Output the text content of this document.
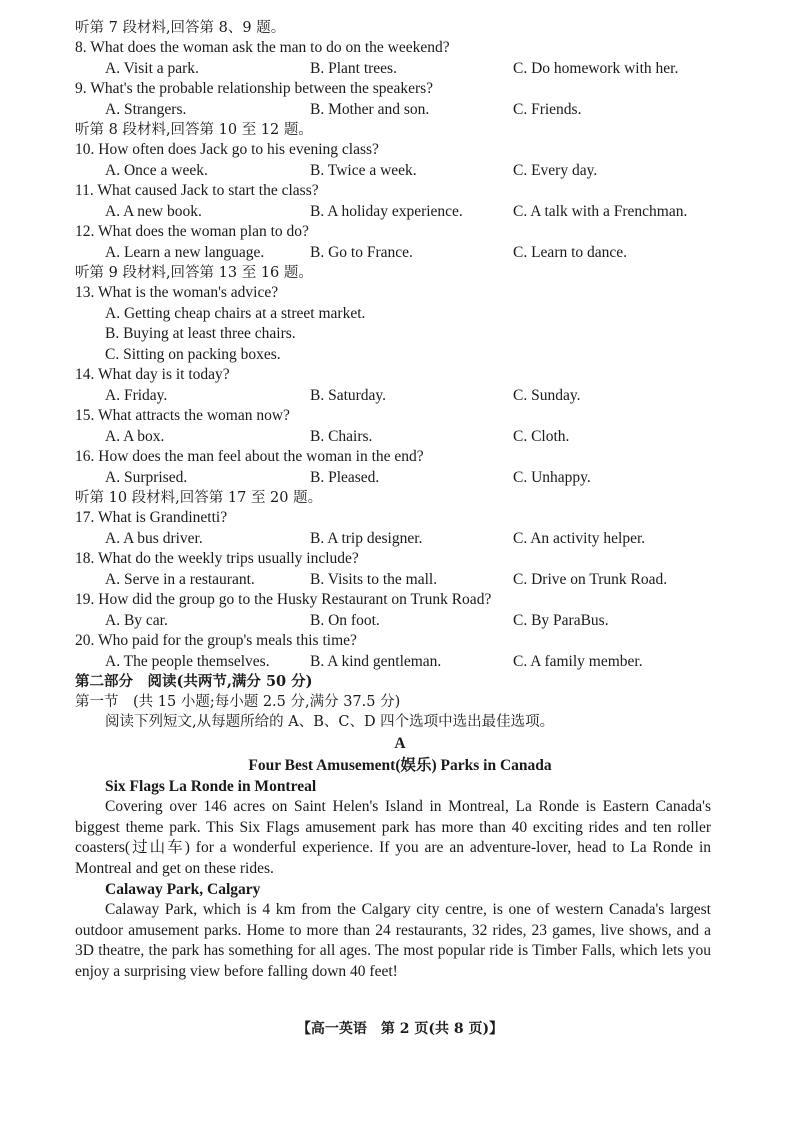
听第 7 段材料,回答第 8、9 题。
8. What does the woman ask the man to do on the weekend?
A. Visit a park.	B. Plant trees.	C. Do homework with her.
9. What's the probable relationship between the speakers?
A. Strangers.	B. Mother and son.	C. Friends.
听第 8 段材料,回答第 10 至 12 题。
10. How often does Jack go to his evening class?
A. Once a week.	B. Twice a week.	C. Every day.
11. What caused Jack to start the class?
A. A new book.	B. A holiday experience.	C. A talk with a Frenchman.
12. What does the woman plan to do?
A. Learn a new language.	B. Go to France.	C. Learn to dance.
听第 9 段材料,回答第 13 至 16 题。
13. What is the woman's advice?
A. Getting cheap chairs at a street market.
B. Buying at least three chairs.
C. Sitting on packing boxes.
14. What day is it today?
A. Friday.	B. Saturday.	C. Sunday.
15. What attracts the woman now?
A. A box.	B. Chairs.	C. Cloth.
16. How does the man feel about the woman in the end?
A. Surprised.	B. Pleased.	C. Unhappy.
听第 10 段材料,回答第 17 至 20 题。
17. What is Grandinetti?
A. A bus driver.	B. A trip designer.	C. An activity helper.
18. What do the weekly trips usually include?
A. Serve in a restaurant.	B. Visits to the mall.	C. Drive on Trunk Road.
19. How did the group go to the Husky Restaurant on Trunk Road?
A. By car.	B. On foot.	C. By ParaBus.
20. Who paid for the group's meals this time?
A. The people themselves.	B. A kind gentleman.	C. A family member.
第二部分　阅读(共两节,满分 50 分)
第一节　(共 15 小题;每小题 2.5 分,满分 37.5 分)
阅读下列短文,从每题所给的 A、B、C、D 四个选项中选出最佳选项。
A
Four Best Amusement(娱乐) Parks in Canada
Six Flags La Ronde in Montreal
Covering over 146 acres on Saint Helen's Island in Montreal, La Ronde is Eastern Canada's biggest theme park. This Six Flags amusement park has more than 40 exciting rides and ten roller coasters(过山车) for a wonderful experience. If you are an adventure-lover, head to La Ronde in Montreal and get on these rides.
Calaway Park, Calgary
Calaway Park, which is 4 km from the Calgary city centre, is one of western Canada's largest outdoor amusement parks. Home to more than 24 restaurants, 32 rides, 23 games, live shows, and a 3D theatre, the park has something for all ages. The most popular ride is Timber Falls, which lets you enjoy a surprising view before falling down 40 feet!
【高一英语　第 2 页(共 8 页)】
